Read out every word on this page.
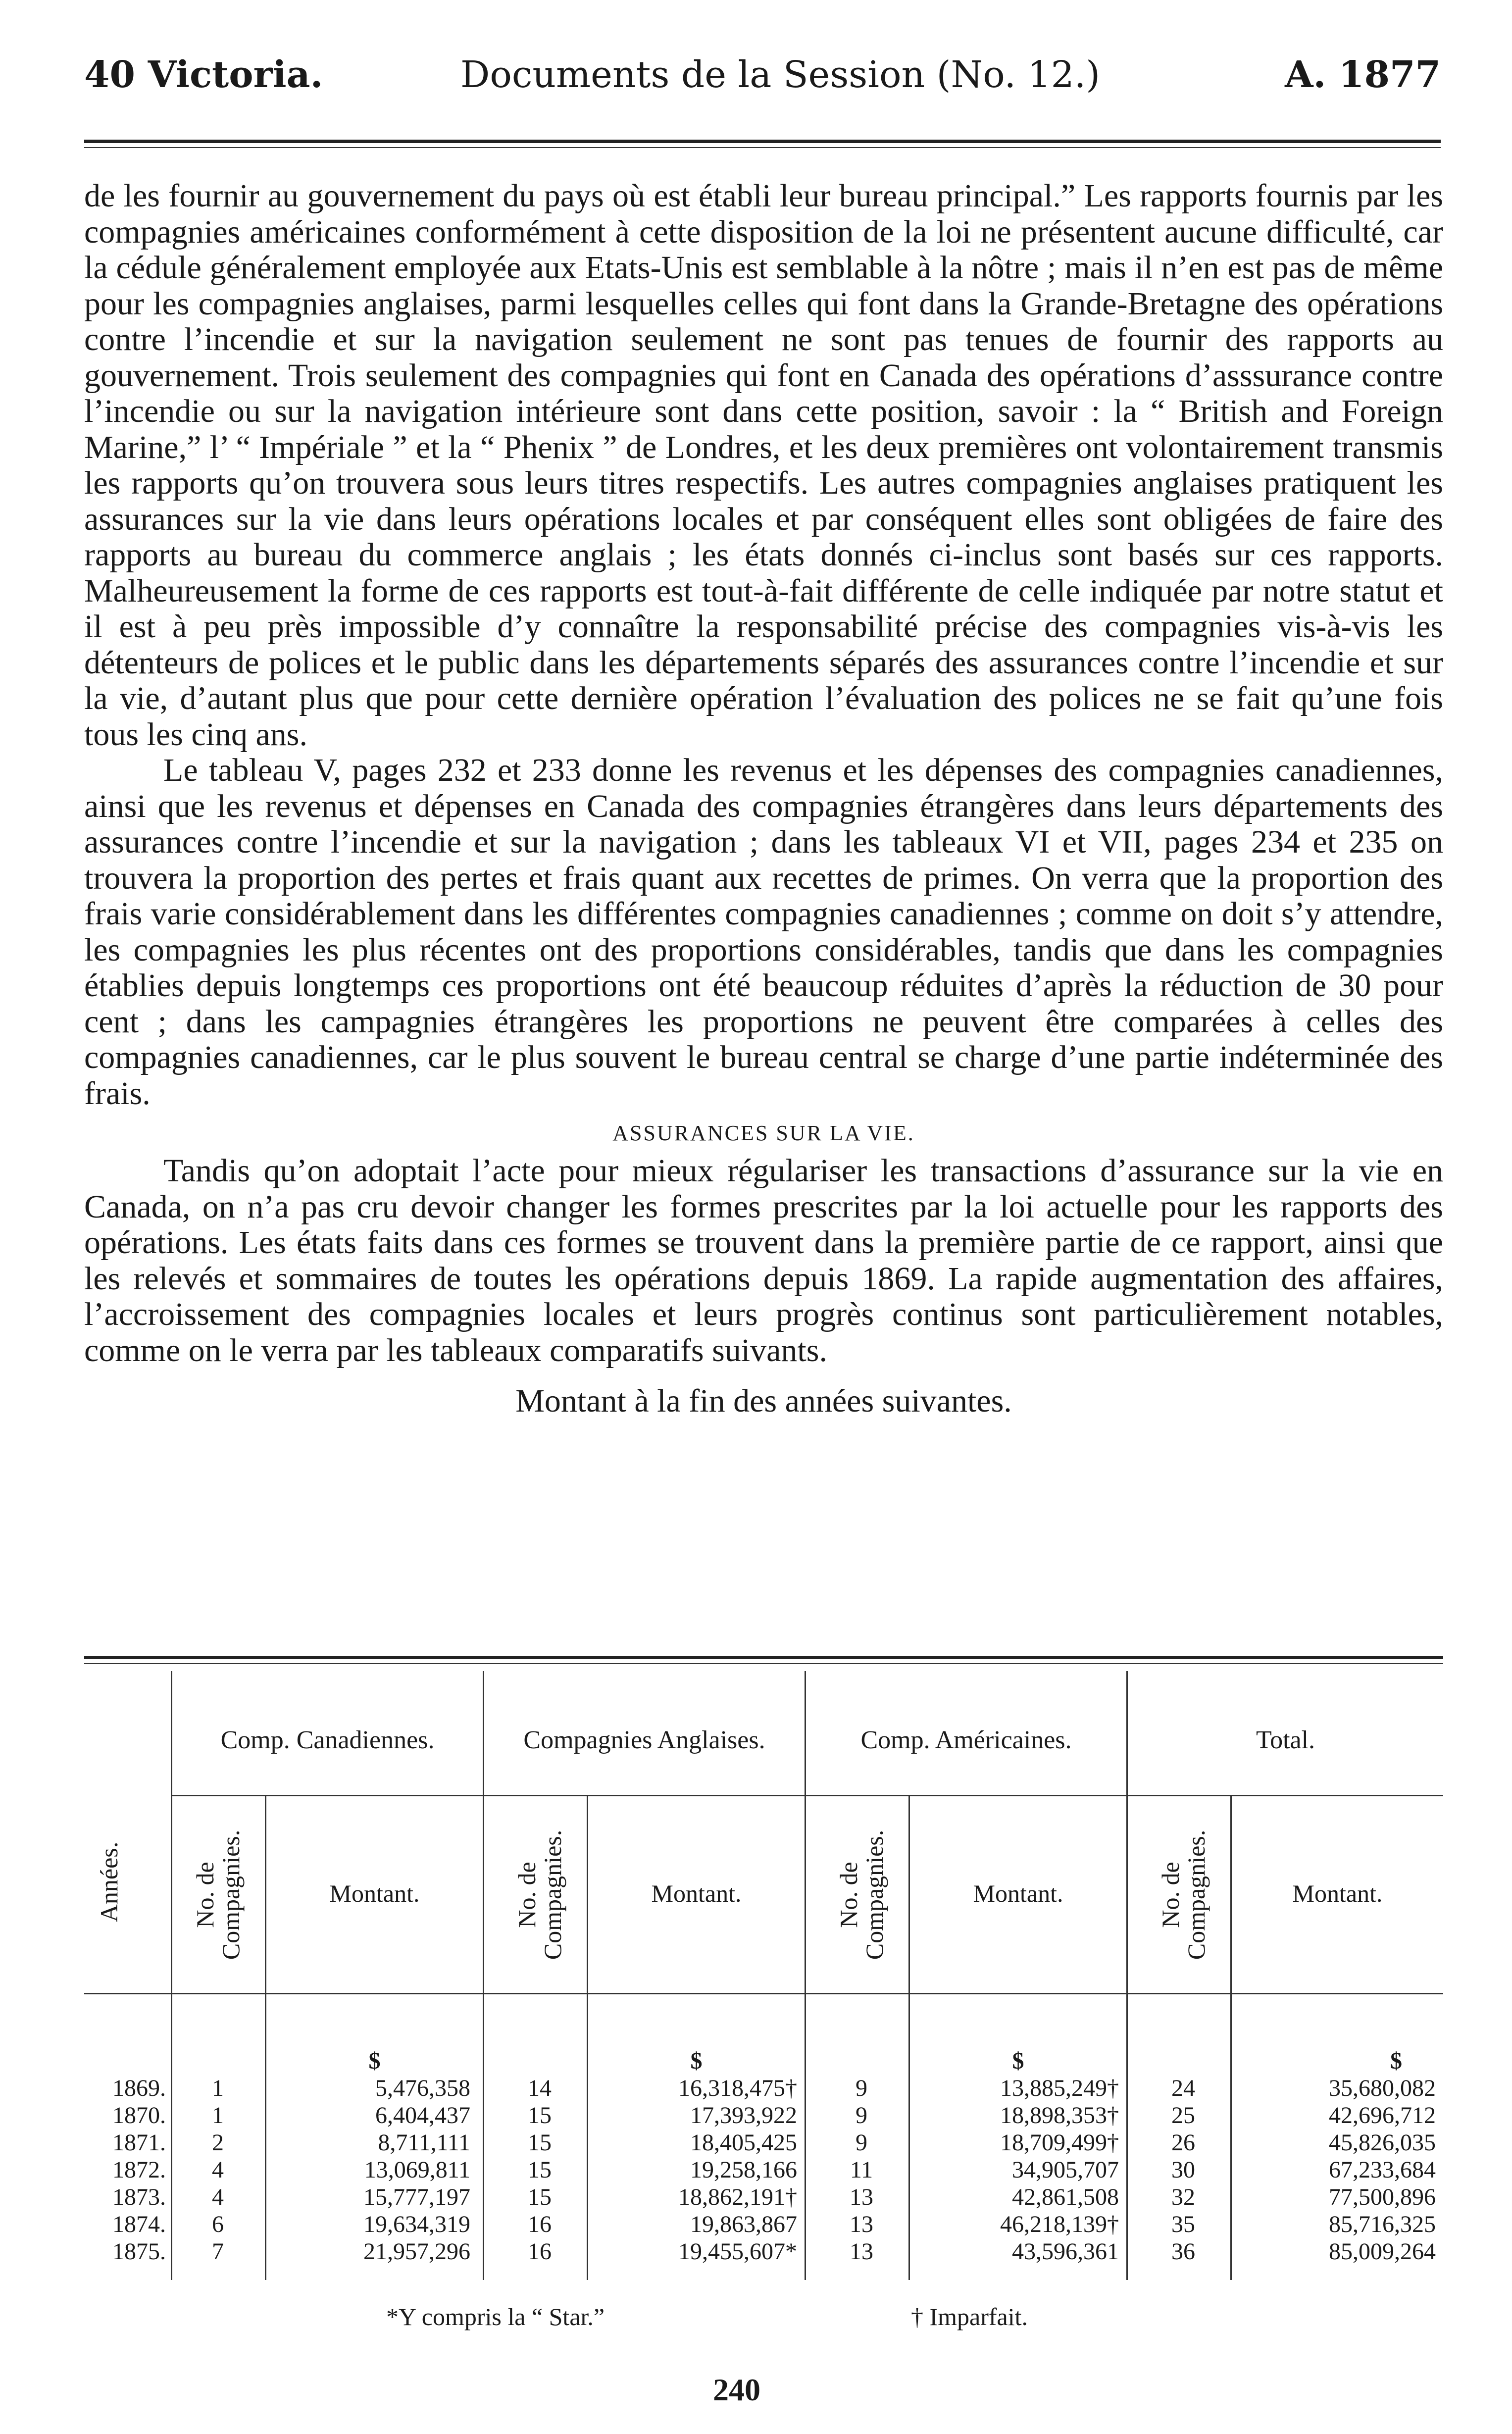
40 Victoria.	Documents de la Session (No. 12.)	A. 1877

de les fournir au gouvernement du pays où est établi leur bureau principal.” Les rapports fournis par les compagnies américaines conformément à cette disposition de la loi ne présentent aucune difficulté, car la cédule généralement employée aux Etats-Unis est semblable à la nôtre ; mais il n’en est pas de même pour les compagnies anglaises, parmi lesquelles celles qui font dans la Grande-Bretagne des opérations contre l’incendie et sur la navigation seulement ne sont pas tenues de fournir des rapports au gouvernement. Trois seulement des compagnies qui font en Canada des opérations d’asssurance contre l’incendie ou sur la navigation intérieure sont dans cette position, savoir : la “ British and Foreign Marine,” l’ “ Impériale ” et la “ Phenix ” de Londres, et les deux premières ont volontairement transmis les rapports qu’on trouvera sous leurs titres respectifs. Les autres compagnies anglaises pratiquent les assurances sur la vie dans leurs opérations locales et par conséquent elles sont obligées de faire des rapports au bureau du commerce anglais ; les états donnés ci-inclus sont basés sur ces rapports. Malheureusement la forme de ces rapports est tout-à-fait différente de celle indiquée par notre statut et il est à peu près impossible d’y connaître la responsabilité précise des compagnies vis-à-vis les détenteurs de polices et le public dans les départements séparés des assurances contre l’incendie et sur la vie, d’autant plus que pour cette dernière opération l’évaluation des polices ne se fait qu’une fois tous les cinq ans.

Le tableau V, pages 232 et 233 donne les revenus et les dépenses des compagnies canadiennes, ainsi que les revenus et dépenses en Canada des compagnies étrangères dans leurs départements des assurances contre l’incendie et sur la navigation ; dans les tableaux VI et VII, pages 234 et 235 on trouvera la proportion des pertes et frais quant aux recettes de primes. On verra que la proportion des frais varie considérablement dans les différentes compagnies canadiennes ; comme on doit s’y attendre, les compagnies les plus récentes ont des proportions considérables, tandis que dans les compagnies établies depuis longtemps ces proportions ont été beaucoup réduites d’après la réduction de 30 pour cent ; dans les campagnies étrangères les proportions ne peuvent être comparées à celles des compagnies canadiennes, car le plus souvent le bureau central se charge d’une partie indéterminée des frais.

ASSURANCES SUR LA VIE.

Tandis qu’on adoptait l’acte pour mieux régulariser les transactions d’assurance sur la vie en Canada, on n’a pas cru devoir changer les formes prescrites par la loi actuelle pour les rapports des opérations. Les états faits dans ces formes se trouvent dans la première partie de ce rapport, ainsi que les relevés et sommaires de toutes les opérations depuis 1869. La rapide augmentation des affaires, l’accroissement des compagnies locales et leurs progrès continus sont particulièrement notables, comme on le verra par les tableaux comparatifs suivants.

Montant à la fin des années suivantes.
Comp. Canadiennes.	Compagnies Anglaises.	Comp. Américaines.	Total.
Années.	No. de Compagnies.	No. de Compagnies.	No. de Compagnies.	No. de Compagnies.
Montant.	Montant.	Montant.	Montant.
$	$	$	$
1869.	1	5,476,358	14	16,318,475†	9	13,885,249†	24	35,680,082
1870.	1	6,404,437	15	17,393,922	9	18,898,353†	25	42,696,712
1871.	2	8,711,111	15	18,405,425	9	18,709,499†	26	45,826,035
1872.	4	13,069,811	15	19,258,166	11	34,905,707	30	67,233,684
1873.	4	15,777,197	15	18,862,191†	13	42,861,508	32	77,500,896
1874.	6	19,634,319	16	19,863,867	13	46,218,139†	35	85,716,325
1875.	7	21,957,296	16	19,455,607*	13	43,596,361	36	85,009,264
*Y compris la “ Star.”	† Imparfait.
240
